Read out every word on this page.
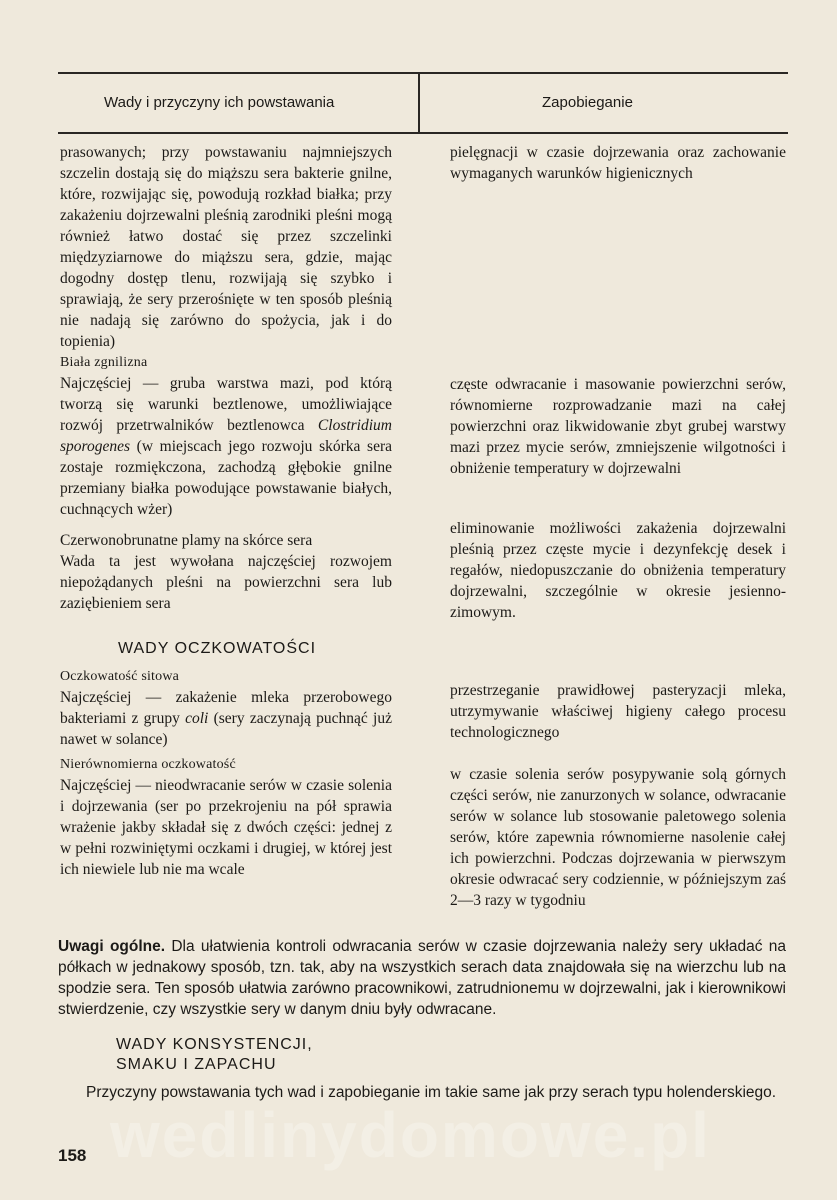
Wady i przyczyny ich powstawania	Zapobieganie
prasowanych; przy powstawaniu najmniejszych szczelin dostają się do miąższu sera bakterie gnilne, które, rozwijając się, powodują rozkład białka; przy zakażeniu dojrzewalni pleśnią zarodniki pleśni mogą również łatwo dostać się przez szczelinki międzyziarnowe do miąższu sera, gdzie, mając dogodny dostęp tlenu, rozwijają się szybko i sprawiają, że sery przerośnięte w ten sposób pleśnią nie nadają się zarówno do spożycia, jak i do topienia)
pielęgnacji w czasie dojrzewania oraz zachowanie wymaganych warunków higienicznych
Biała zgnilizna
Najczęściej — gruba warstwa mazi, pod którą tworzą się warunki beztlenowe, umożliwiające rozwój przetrwalników beztlenowca Clostridium sporogenes (w miejscach jego rozwoju skórka sera zostaje rozmiękczona, zachodzą głębokie gnilne przemiany białka powodujące powstawanie białych, cuchnących wżer)
częste odwracanie i masowanie powierzchni serów, równomierne rozprowadzanie mazi na całej powierzchni oraz likwidowanie zbyt grubej warstwy mazi przez mycie serów, zmniejszenie wilgotności i obniżenie temperatury w dojrzewalni
Czerwonobrunatne plamy na skórce sera
Wada ta jest wywołana najczęściej rozwojem niepożądanych pleśni na powierzchni sera lub zaziębieniem sera
eliminowanie możliwości zakażenia dojrzewalni pleśnią przez częste mycie i dezynfekcję desek i regałów, niedopuszczanie do obniżenia temperatury dojrzewalni, szczególnie w okresie jesienno-zimowym.
WADY OCZKOWATOŚCI
Oczkowatość sitowa
Najczęściej — zakażenie mleka przerobowego bakteriami z grupy coli (sery zaczynają puchnąć już nawet w solance)
przestrzeganie prawidłowej pasteryzacji mleka, utrzymywanie właściwej higieny całego procesu technologicznego
Nierównomierna oczkowatość
Najczęściej — nieodwracanie serów w czasie solenia i dojrzewania (ser po przekrojeniu na pół sprawia wrażenie jakby składał się z dwóch części: jednej z w pełni rozwiniętymi oczkami i drugiej, w której jest ich niewiele lub nie ma wcale
w czasie solenia serów posypywanie solą górnych części serów, nie zanurzonych w solance, odwracanie serów w solance lub stosowanie paletowego solenia serów, które zapewnia równomierne nasolenie całej ich powierzchni. Podczas dojrzewania w pierwszym okresie odwracać sery codziennie, w późniejszym zaś 2—3 razy w tygodniu
Uwagi ogólne. Dla ułatwienia kontroli odwracania serów w czasie dojrzewania należy sery układać na półkach w jednakowy sposób, tzn. tak, aby na wszystkich serach data znajdowała się na wierzchu lub na spodzie sera. Ten sposób ułatwia zarówno pracownikowi, zatrudnionemu w dojrzewalni, jak i kierownikowi stwierdzenie, czy wszystkie sery w danym dniu były odwracane.
WADY KONSYSTENCJI,
SMAKU I ZAPACHU
Przyczyny powstawania tych wad i zapobieganie im takie same jak przy serach typu holenderskiego.
wedlinydomowe.pl
158
